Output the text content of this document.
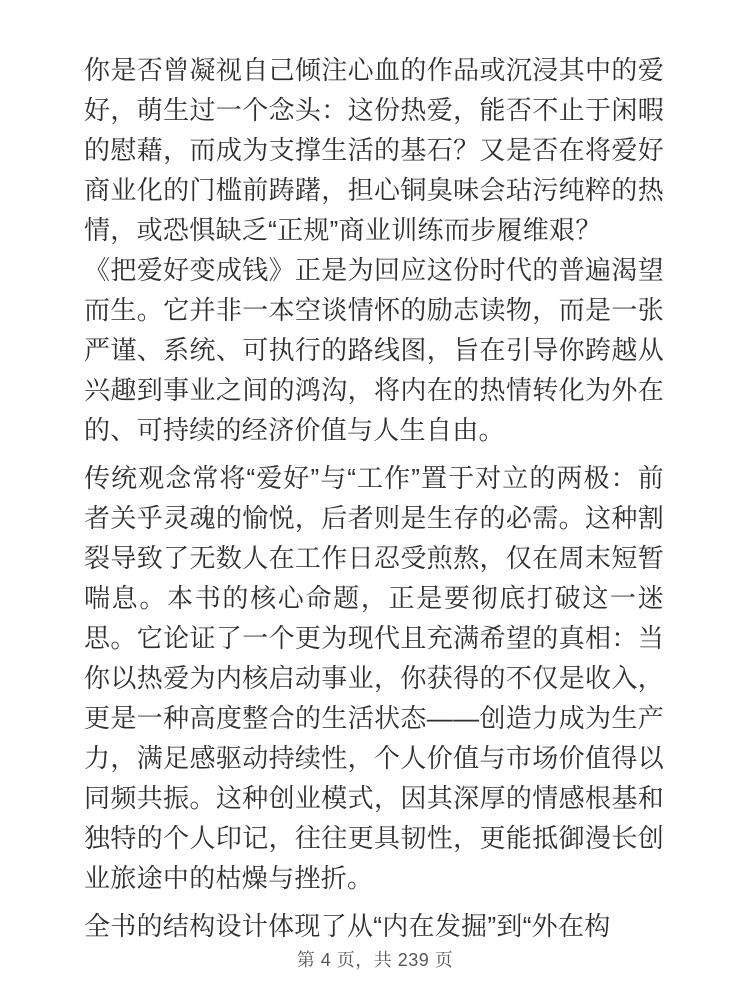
你是否曾凝视自己倾注心血的作品或沉浸其中的爱好，萌生过一个念头：这份热爱，能否不止于闲暇的慰藉，而成为支撑生活的基石？又是否在将爱好商业化的门槛前踌躇，担心铜臭味会玷污纯粹的热情，或恐惧缺乏“正规”商业训练而步履维艰？

《把爱好变成钱》正是为回应这份时代的普遍渴望而生。它并非一本空谈情怀的励志读物，而是一张严谨、系统、可执行的路线图，旨在引导你跨越从兴趣到事业之间的鸿沟，将内在的热情转化为外在的、可持续的经济价值与人生自由。

传统观念常将“爱好”与“工作”置于对立的两极：前者关乎灵魂的愉悦，后者则是生存的必需。这种割裂导致了无数人在工作日忍受煎熬，仅在周末短暂喘息。本书的核心命题，正是要彻底打破这一迷思。它论证了一个更为现代且充满希望的真相：当你以热爱为内核启动事业，你获得的不仅是收入，更是一种高度整合的生活状态——创造力成为生产力，满足感驱动持续性，个人价值与市场价值得以同频共振。这种创业模式，因其深厚的情感根基和独特的个人印记，往往更具韧性，更能抵御漫长创业旅途中的枯燥与挫折。

全书的结构设计体现了从“内在发掘”到“外在构

第 4 页，共 239 页
